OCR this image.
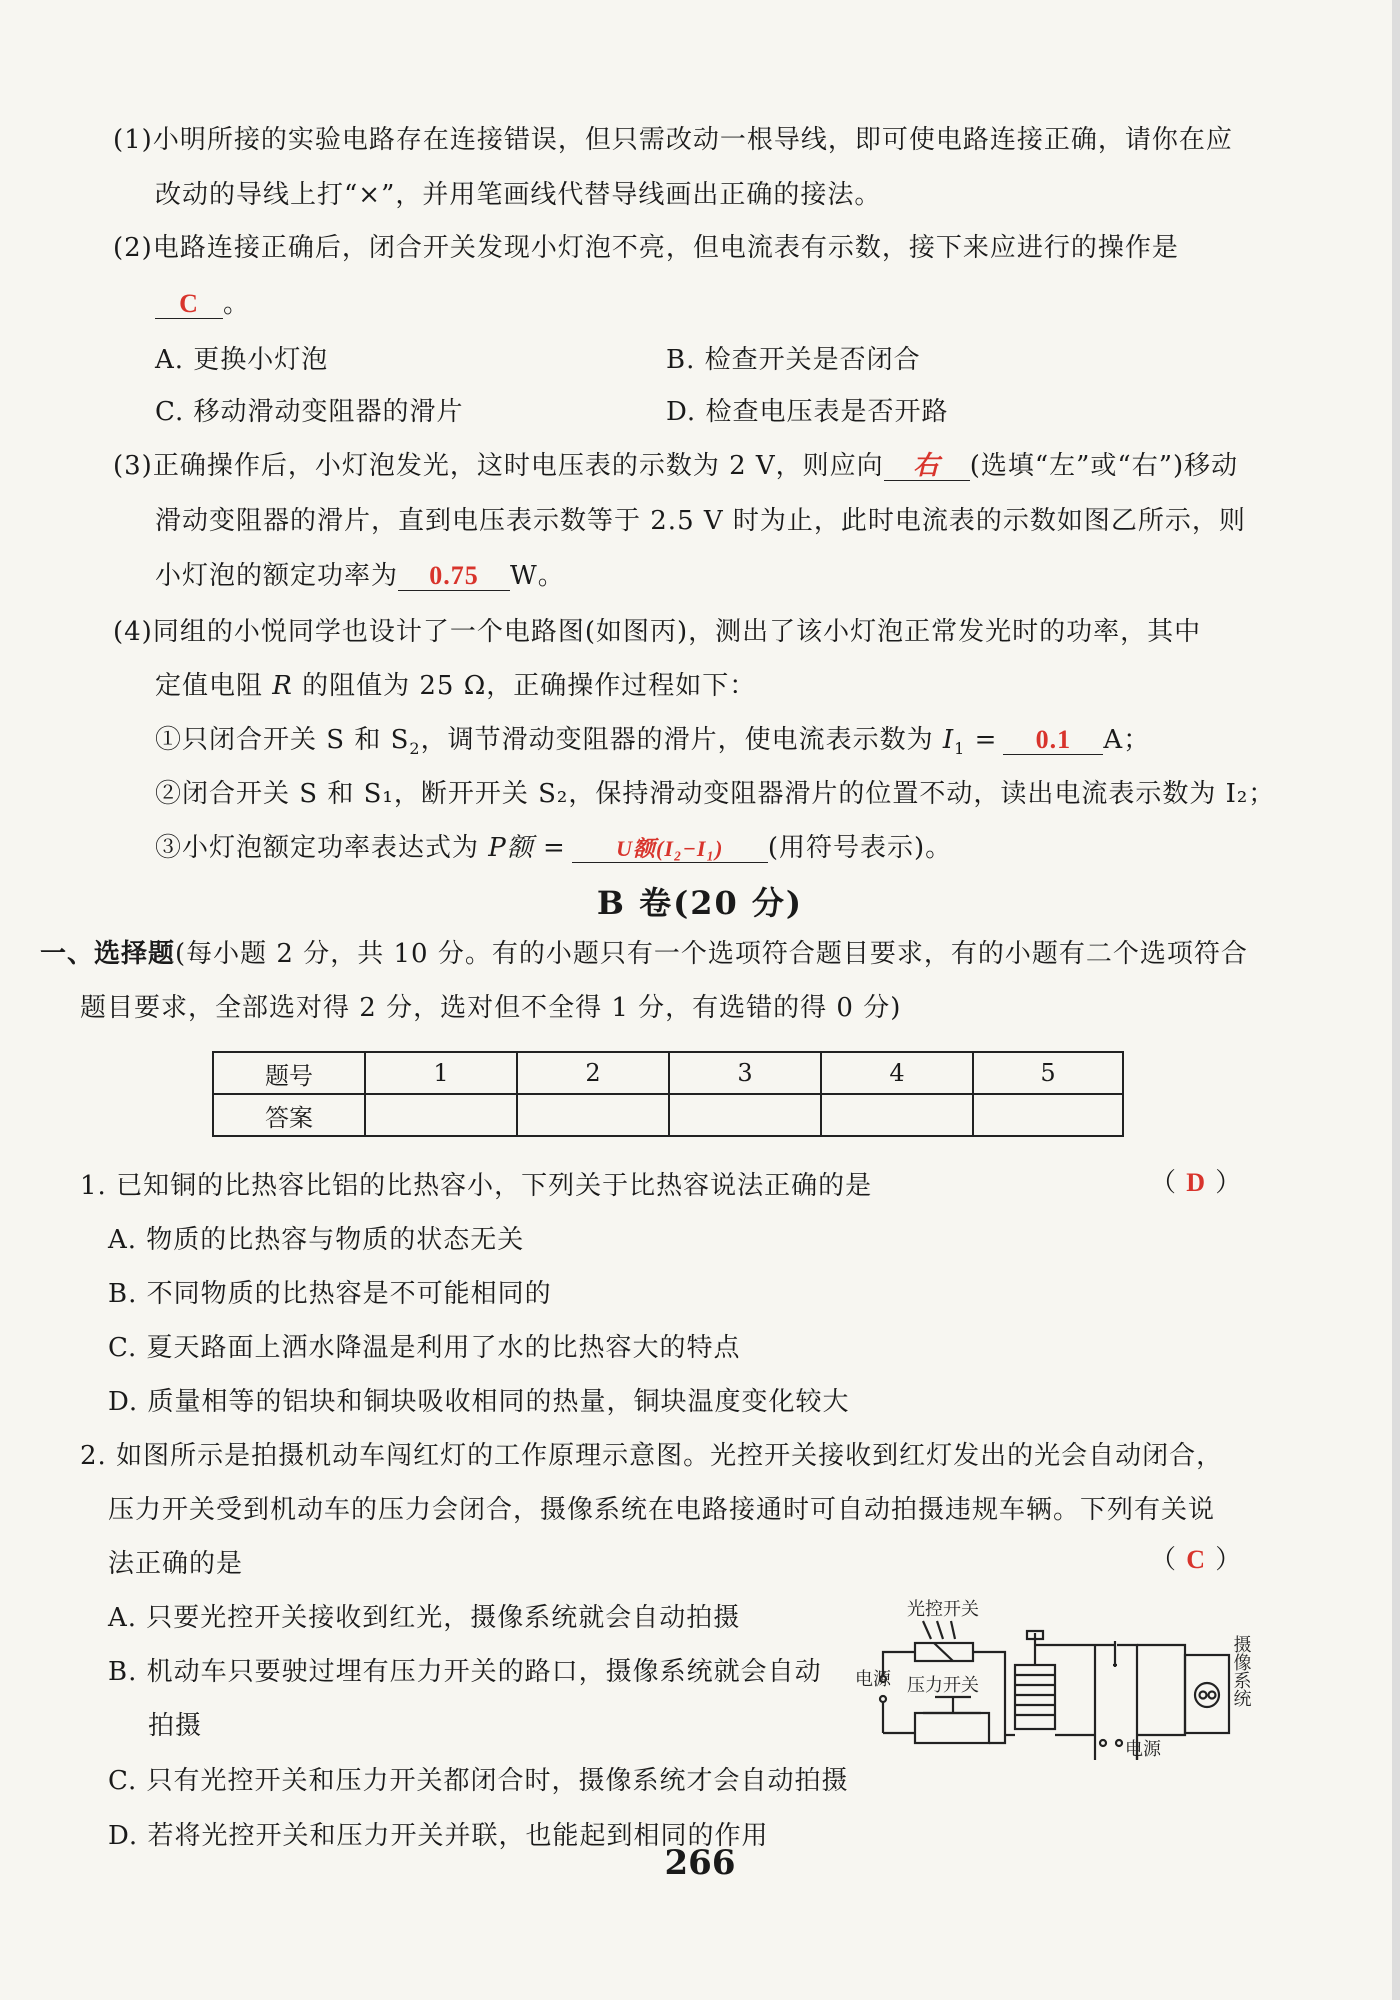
(1)小明所接的实验电路存在连接错误，但只需改动一根导线，即可使电路连接正确，请你在应
改动的导线上打“×”，并用笔画线代替导线画出正确的接法。
(2)电路连接正确后，闭合开关发现小灯泡不亮，但电流表有示数，接下来应进行的操作是
C 。
A. 更换小灯泡	B. 检查开关是否闭合
C. 移动滑动变阻器的滑片	D. 检查电压表是否开路
(3)正确操作后，小灯泡发光，这时电压表的示数为 2 V，则应向 右 (选填“左”或“右”)移动
滑动变阻器的滑片，直到电压表示数等于 2.5 V 时为止，此时电流表的示数如图乙所示，则
小灯泡的额定功率为 0.75 W。
(4)同组的小悦同学也设计了一个电路图(如图丙)，测出了该小灯泡正常发光时的功率，其中
定值电阻 R 的阻值为 25 Ω，正确操作过程如下：
①只闭合开关 S 和 $S_2$，调节滑动变阻器的滑片，使电流表示数为 $I_1 = 0.1$ A；
②闭合开关 S 和 S₁，断开开关 S₂，保持滑动变阻器滑片的位置不动，读出电流表示数为 I₂；
③小灯泡额定功率表达式为 P额 = U额(I₂−I₁) (用符号表示)。
B 卷(20 分)
一、选择题(每小题 2 分，共 10 分。有的小题只有一个选项符合题目要求，有的小题有二个选项符合
题目要求，全部选对得 2 分，选对但不全得 1 分，有选错的得 0 分)
题号	1	2	3	4	5
答案					
1. 已知铜的比热容比铝的比热容小，下列关于比热容说法正确的是	（ D ）
A. 物质的比热容与物质的状态无关
B. 不同物质的比热容是不可能相同的
C. 夏天路面上洒水降温是利用了水的比热容大的特点
D. 质量相等的铝块和铜块吸收相同的热量，铜块温度变化较大
2. 如图所示是拍摄机动车闯红灯的工作原理示意图。光控开关接收到红灯发出的光会自动闭合，
压力开关受到机动车的压力会闭合，摄像系统在电路接通时可自动拍摄违规车辆。下列有关说
法正确的是	（ C ）
A. 只要光控开关接收到红光，摄像系统就会自动拍摄
B. 机动车只要驶过埋有压力开关的路口，摄像系统就会自动
拍摄
C. 只有光控开关和压力开关都闭合时，摄像系统才会自动拍摄
D. 若将光控开关和压力开关并联，也能起到相同的作用
光控开关
电源 压力开关
电源
摄像系统
266
